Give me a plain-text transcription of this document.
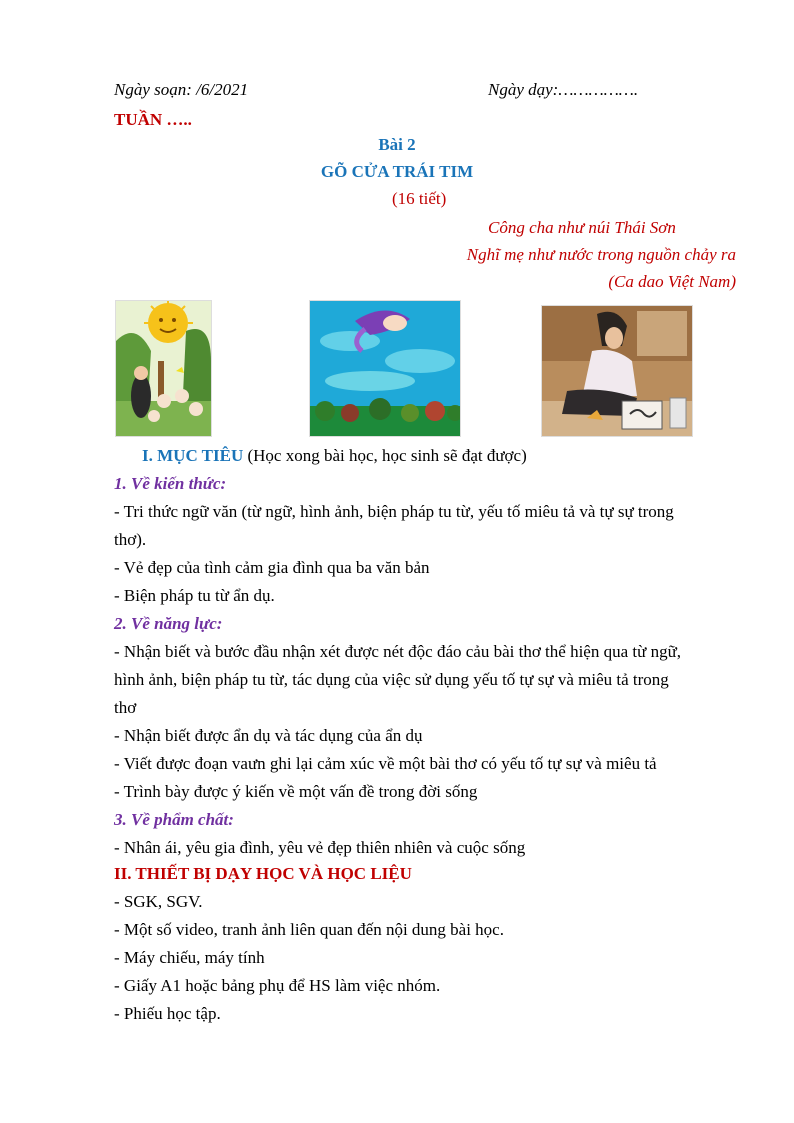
Ngày soạn: /6/2021	Ngày dạy:…………….
TUẦN …..
Bài 2
GÕ CỬA TRÁI TIM
(16 tiết)
Công cha như núi Thái Sơn
Nghĩ mẹ như nước trong nguồn chảy ra
(Ca dao Việt Nam)
I. MỤC TIÊU (Học xong bài học, học sinh sẽ đạt được)
1. Về kiến thức:
- Tri thức ngữ văn (từ ngữ, hình ảnh, biện pháp tu từ, yếu tố miêu tả và tự sự trong
thơ).
- Vẻ đẹp của tình cảm gia đình qua ba văn bản
- Biện pháp tu từ ẩn dụ.
2. Về năng lực:
- Nhận biết và bước đầu nhận xét được nét độc đáo cảu bài thơ thể hiện qua từ ngữ,
hình ảnh, biện pháp tu từ, tác dụng của việc sử dụng yếu tố tự sự và miêu tả trong
thơ
- Nhận biết được ẩn dụ và tác dụng của ẩn dụ
- Viết được đoạn vaưn ghi lại cảm xúc về một bài thơ có yếu tố tự sự và miêu tả
- Trình bày được ý kiến về một vấn đề trong đời sống
3. Về phẩm chất:
- Nhân ái, yêu gia đình, yêu vẻ đẹp thiên nhiên và cuộc sống
II. THIẾT BỊ DẠY HỌC VÀ HỌC LIỆU
- SGK, SGV.
- Một số video, tranh ảnh liên quan đến nội dung bài học.
- Máy chiếu, máy tính
- Giấy A1 hoặc bảng phụ để HS làm việc nhóm.
- Phiếu học tập.
